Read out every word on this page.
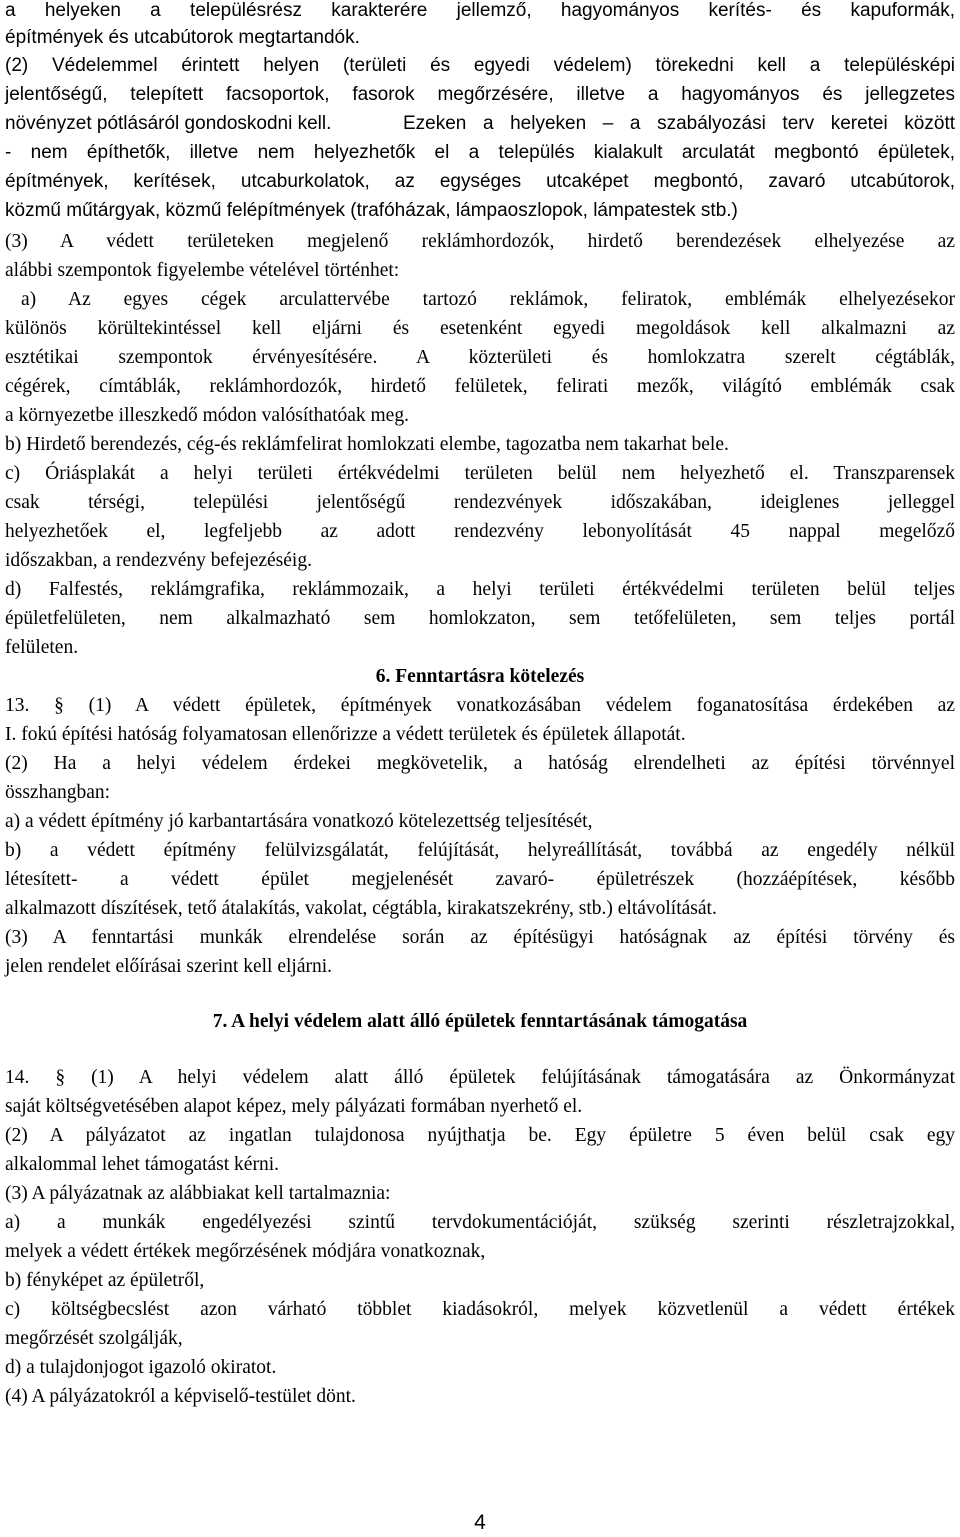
a helyeken a településrész karakterére jellemző, hagyományos kerítés- és kapuformák,
építmények és utcabútorok megtartandók.
(2) Védelemmel érintett helyen (területi és egyedi védelem) törekedni kell a településképi
jelentőségű, telepített facsoportok, fasorok megőrzésére, illetve a hagyományos és jellegzetes
növényzet pótlásáról gondoskodni kell.	Ezeken a helyeken – a szabályozási terv keretei között
- nem építhetők, illetve nem helyezhetők el a település kialakult arculatát megbontó épületek,
építmények, kerítések, utcaburkolatok, az egységes utcaképet megbontó, zavaró utcabútorok,
közmű műtárgyak, közmű felépítmények (trafóházak, lámpaoszlopok, lámpatestek stb.)
(3) A védett területeken megjelenő reklámhordozók, hirdető berendezések elhelyezése az
alábbi szempontok figyelembe vételével történhet:
a) Az egyes cégek arculattervébe tartozó reklámok, feliratok, emblémák elhelyezésekor
különös körültekintéssel kell eljárni és esetenként egyedi megoldások kell alkalmazni az
esztétikai szempontok érvényesítésére. A közterületi és homlokzatra szerelt cégtáblák,
cégérek, címtáblák, reklámhordozók, hirdető felületek, felirati mezők, világító emblémák csak
a környezetbe illeszkedő módon valósíthatóak meg.
b) Hirdető berendezés, cég-és reklámfelirat homlokzati elembe, tagozatba nem takarhat bele.
c) Óriásplakát a helyi területi értékvédelmi területen belül nem helyezhető el. Transzparensek
csak térségi, települési jelentőségű rendezvények időszakában, ideiglenes jelleggel
helyezhetőek el, legfeljebb az adott rendezvény lebonyolítását 45 nappal megelőző
időszakban, a rendezvény befejezéséig.
d) Falfestés, reklámgrafika, reklámmozaik, a helyi területi értékvédelmi területen belül teljes
épületfelületen, nem alkalmazható sem homlokzaton, sem tetőfelületen, sem teljes portál
felületen.
6. Fenntartásra kötelezés
13. § (1) A védett épületek, építmények vonatkozásában védelem foganatosítása érdekében az
I. fokú építési hatóság folyamatosan ellenőrizze a védett területek és épületek állapotát.
(2) Ha a helyi védelem érdekei megkövetelik, a hatóság elrendelheti az építési törvénnyel
összhangban:
a) a védett építmény jó karbantartására vonatkozó kötelezettség teljesítését,
b) a védett építmény felülvizsgálatát, felújítását, helyreállítását, továbbá az engedély nélkül
létesített- a védett épület megjelenését zavaró- épületrészek (hozzáépítések, később
alkalmazott díszítések, tető átalakítás, vakolat, cégtábla, kirakatszekrény, stb.) eltávolítását.
(3) A fenntartási munkák elrendelése során az építésügyi hatóságnak az építési törvény és
jelen rendelet előírásai szerint kell eljárni.
7. A helyi védelem alatt álló épületek fenntartásának támogatása
14. § (1) A helyi védelem alatt álló épületek felújításának támogatására az Önkormányzat
saját költségvetésében alapot képez, mely pályázati formában nyerhető el.
(2) A pályázatot az ingatlan tulajdonosa nyújthatja be. Egy épületre 5 éven belül csak egy
alkalommal lehet támogatást kérni.
(3) A pályázatnak az alábbiakat kell tartalmaznia:
a) a munkák engedélyezési szintű tervdokumentációját, szükség szerinti részletrajzokkal,
melyek a védett értékek megőrzésének módjára vonatkoznak,
b) fényképet az épületről,
c) költségbecslést azon várható többlet kiadásokról, melyek közvetlenül a védett értékek
megőrzését szolgálják,
d) a tulajdonjogot igazoló okiratot.
(4) A pályázatokról a képviselő-testület dönt.
4
